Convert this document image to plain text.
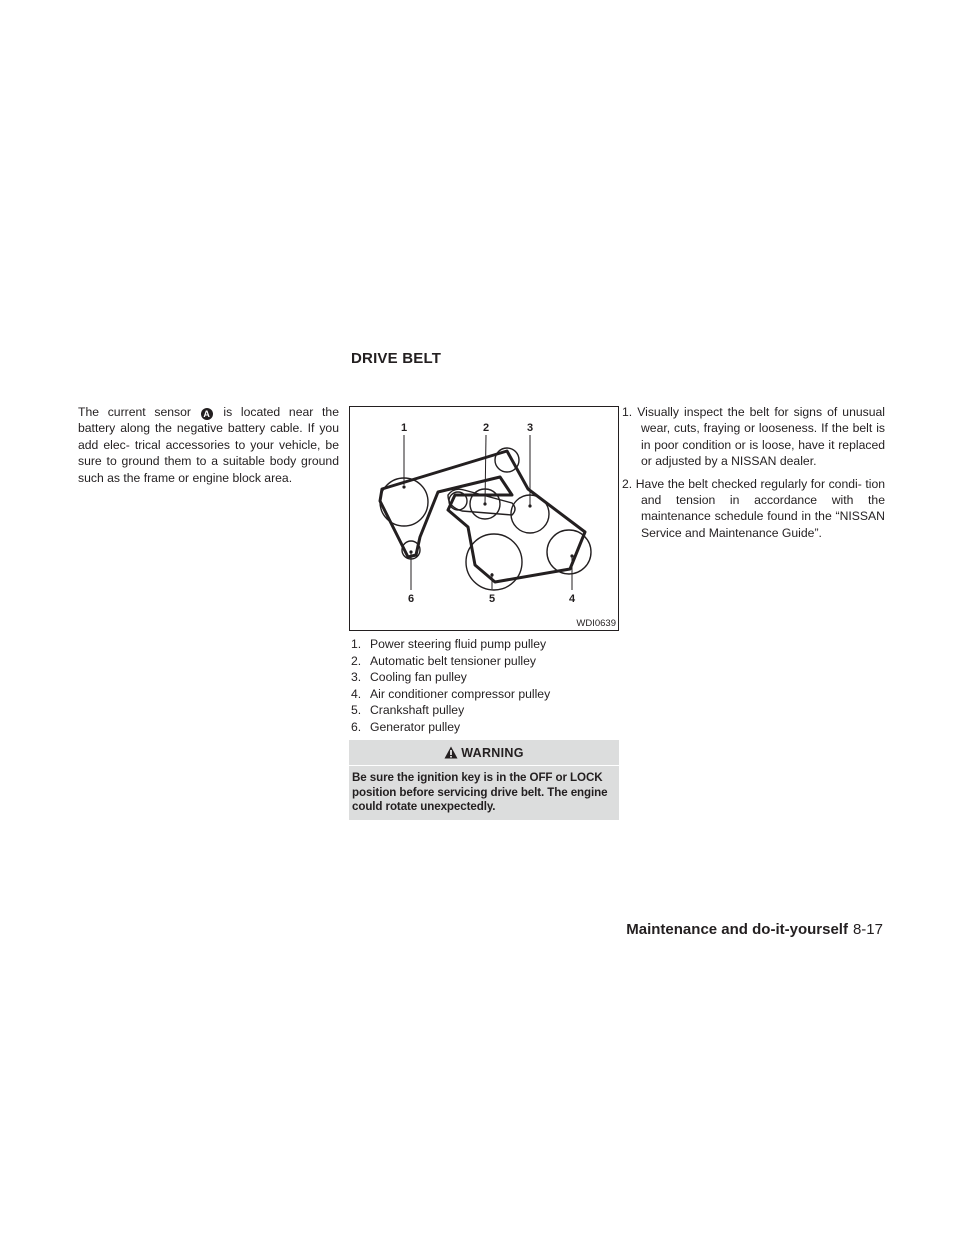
DRIVE BELT

The current sensor A is located near the battery along the negative battery cable. If you add elec- trical accessories to your vehicle, be sure to ground them to a suitable body ground such as the frame or engine block area.

1	2	3
4
5
6
WDI0639
1. Power steering fluid pump pulley
2. Automatic belt tensioner pulley
3. Cooling fan pulley
4. Air conditioner compressor pulley
5. Crankshaft pulley
6. Generator pulley
WARNING
Be sure the ignition key is in the OFF or LOCK position before servicing drive belt. The engine could rotate unexpectedly.
1. Visually inspect the belt for signs of unusual wear, cuts, fraying or looseness. If the belt is in poor condition or is loose, have it replaced or adjusted by a NISSAN dealer.
2. Have the belt checked regularly for condi- tion and tension in accordance with the maintenance schedule found in the “NISSAN Service and Maintenance Guide”.
Maintenance and do-it-yourself 8-17
